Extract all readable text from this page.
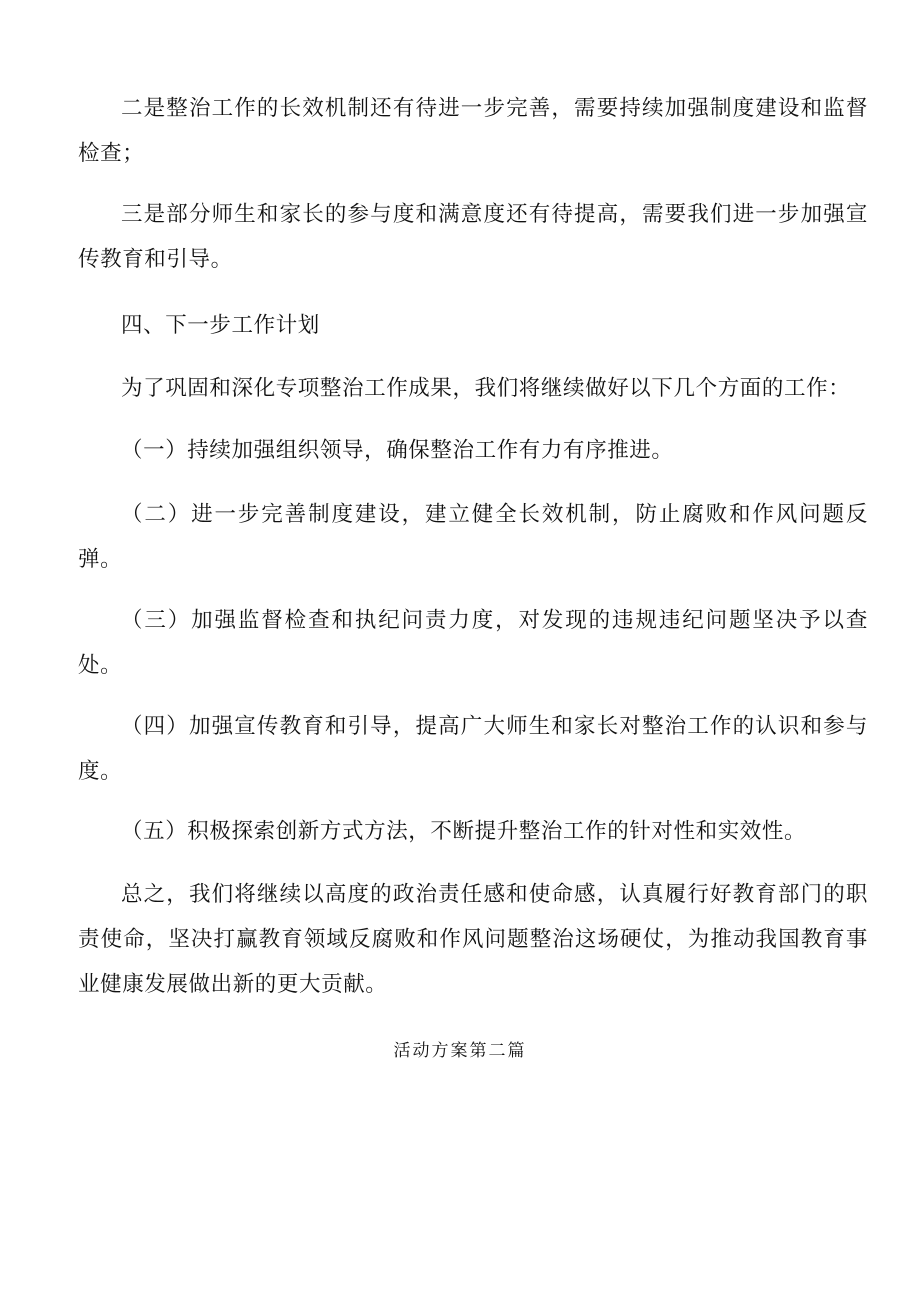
二是整治工作的长效机制还有待进一步完善，需要持续加强制度建设和监督检查；

三是部分师生和家长的参与度和满意度还有待提高，需要我们进一步加强宣传教育和引导。

四、下一步工作计划

为了巩固和深化专项整治工作成果，我们将继续做好以下几个方面的工作：

（一）持续加强组织领导，确保整治工作有力有序推进。

（二）进一步完善制度建设，建立健全长效机制，防止腐败和作风问题反弹。

（三）加强监督检查和执纪问责力度，对发现的违规违纪问题坚决予以查处。

（四）加强宣传教育和引导，提高广大师生和家长对整治工作的认识和参与度。

（五）积极探索创新方式方法，不断提升整治工作的针对性和实效性。

总之，我们将继续以高度的政治责任感和使命感，认真履行好教育部门的职责使命，坚决打赢教育领域反腐败和作风问题整治这场硬仗，为推动我国教育事业健康发展做出新的更大贡献。

活动方案第二篇
